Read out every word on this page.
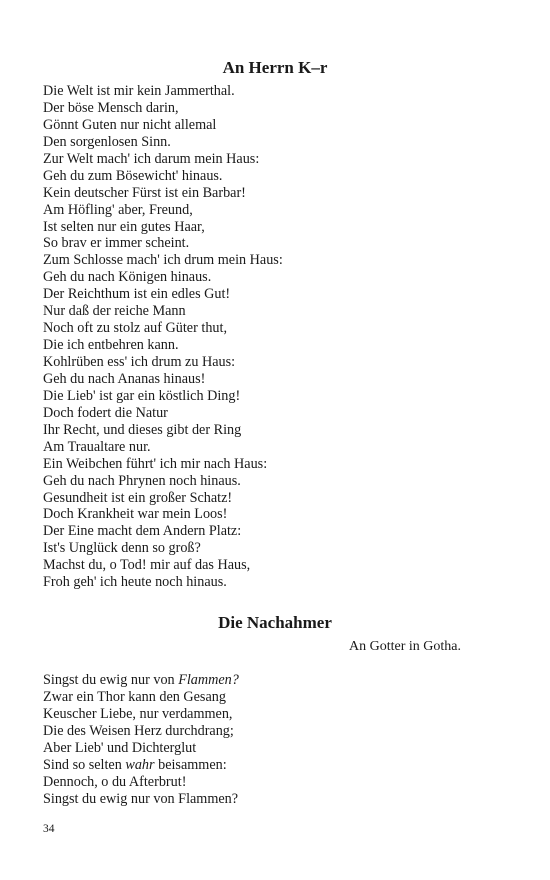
An Herrn K–r
Die Welt ist mir kein Jammerthal.
Der böse Mensch darin,
Gönnt Guten nur nicht allemal
Den sorgenlosen Sinn.
Zur Welt mach' ich darum mein Haus:
Geh du zum Bösewicht' hinaus.
Kein deutscher Fürst ist ein Barbar!
Am Höfling' aber, Freund,
Ist selten nur ein gutes Haar,
So brav er immer scheint.
Zum Schlosse mach' ich drum mein Haus:
Geh du nach Königen hinaus.
Der Reichthum ist ein edles Gut!
Nur daß der reiche Mann
Noch oft zu stolz auf Güter thut,
Die ich entbehren kann.
Kohlrüben ess' ich drum zu Haus:
Geh du nach Ananas hinaus!
Die Lieb' ist gar ein köstlich Ding!
Doch fodert die Natur
Ihr Recht, und dieses gibt der Ring
Am Traualtare nur.
Ein Weibchen führt' ich mir nach Haus:
Geh du nach Phrynen noch hinaus.
Gesundheit ist ein großer Schatz!
Doch Krankheit war mein Loos!
Der Eine macht dem Andern Platz:
Ist's Unglück denn so groß?
Machst du, o Tod! mir auf das Haus,
Froh geh' ich heute noch hinaus.
Die Nachahmer
An Gotter in Gotha.
Singst du ewig nur von Flammen?
Zwar ein Thor kann den Gesang
Keuscher Liebe, nur verdammen,
Die des Weisen Herz durchdrang;
Aber Lieb' und Dichterglut
Sind so selten wahr beisammen:
Dennoch, o du Afterbrut!
Singst du ewig nur von Flammen?
34
